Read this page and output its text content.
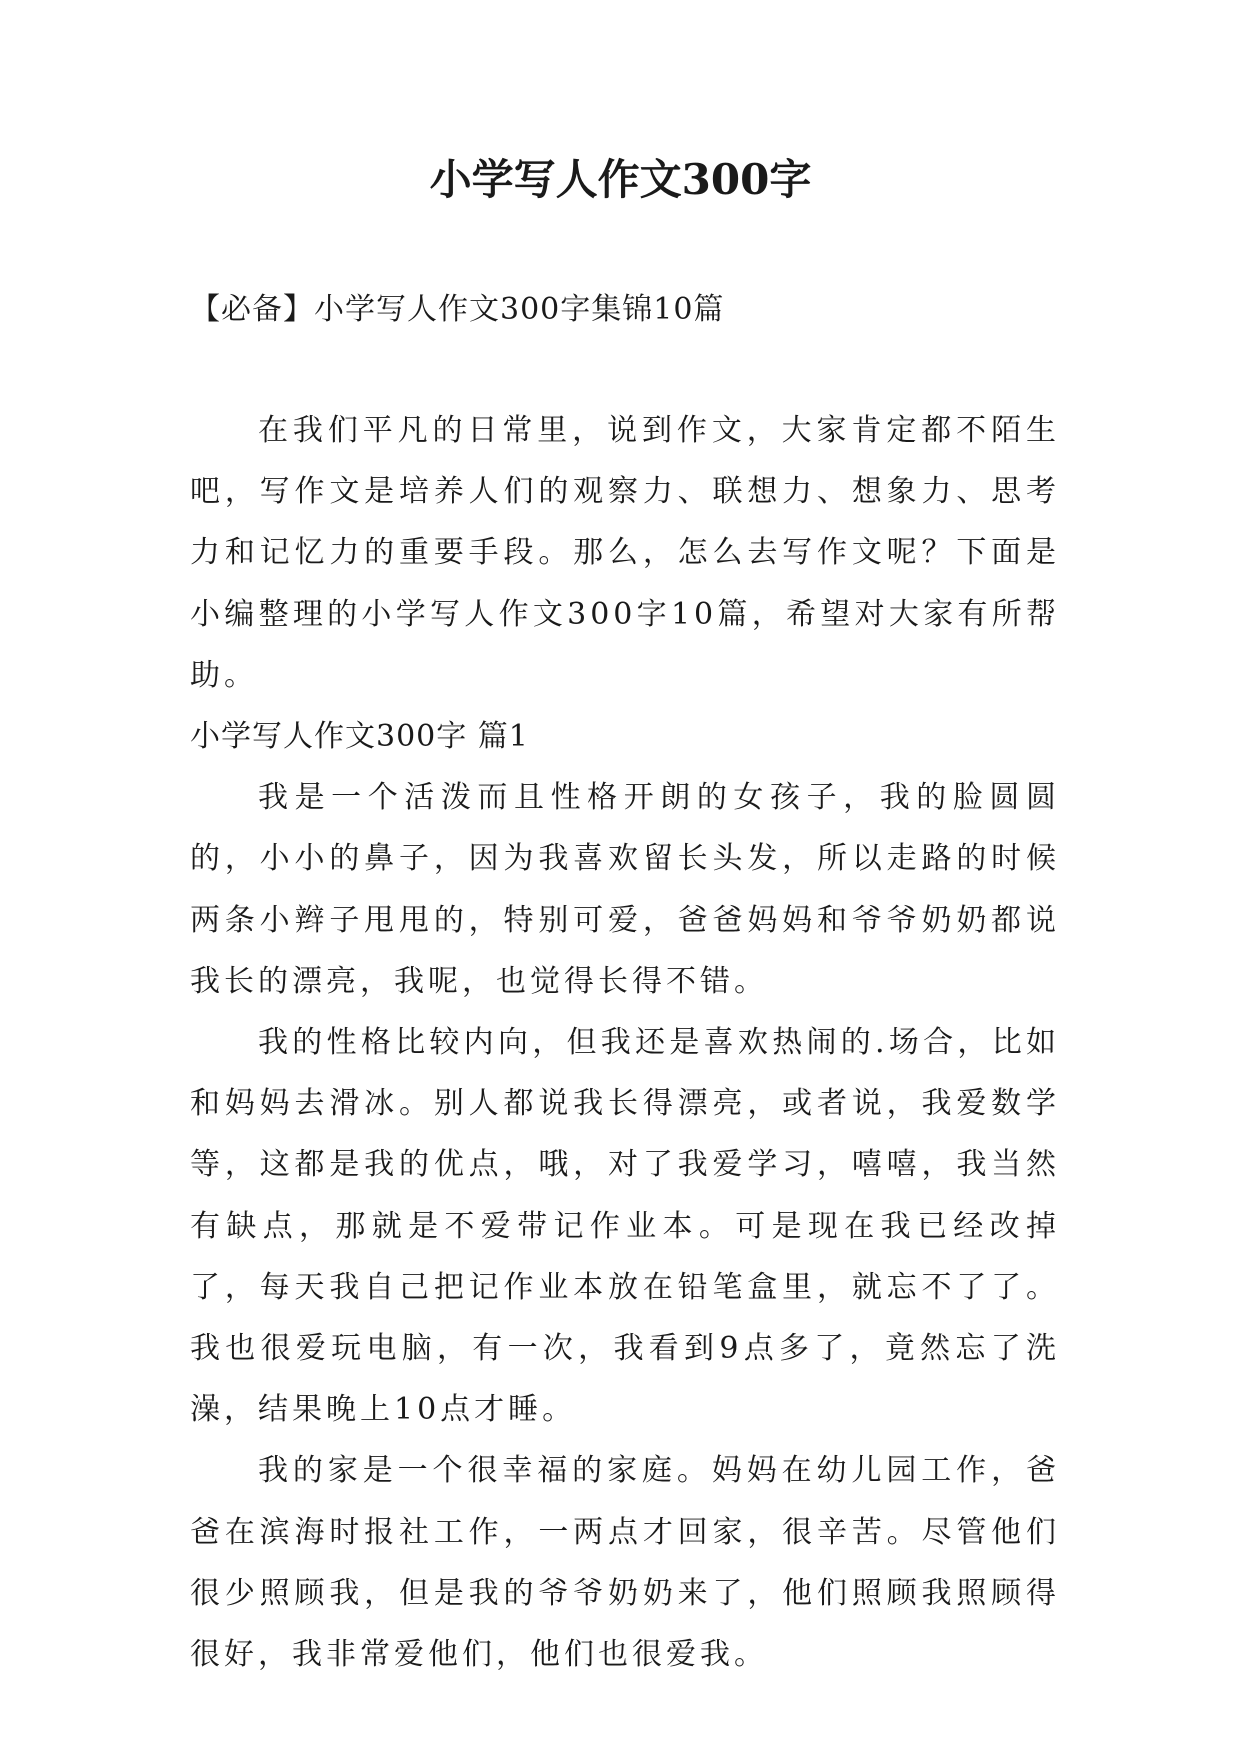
小学写人作文300字

【必备】小学写人作文300字集锦10篇

在我们平凡的日常里，说到作文，大家肯定都不陌生吧，写作文是培养人们的观察力、联想力、想象力、思考力和记忆力的重要手段。那么，怎么去写作文呢？下面是小编整理的小学写人作文300字10篇，希望对大家有所帮助。

小学写人作文300字 篇1

我是一个活泼而且性格开朗的女孩子，我的脸圆圆的，小小的鼻子，因为我喜欢留长头发，所以走路的时候两条小辫子甩甩的，特别可爱，爸爸妈妈和爷爷奶奶都说我长的漂亮，我呢，也觉得长得不错。

我的性格比较内向，但我还是喜欢热闹的.场合，比如和妈妈去滑冰。别人都说我长得漂亮，或者说，我爱数学等，这都是我的优点，哦，对了我爱学习，嘻嘻，我当然有缺点，那就是不爱带记作业本。可是现在我已经改掉了，每天我自己把记作业本放在铅笔盒里，就忘不了了。我也很爱玩电脑，有一次，我看到9点多了，竟然忘了洗澡，结果晚上10点才睡。

我的家是一个很幸福的家庭。妈妈在幼儿园工作，爸爸在滨海时报社工作，一两点才回家，很辛苦。尽管他们很少照顾我，但是我的爷爷奶奶来了，他们照顾我照顾得很好，我非常爱他们，他们也很爱我。
